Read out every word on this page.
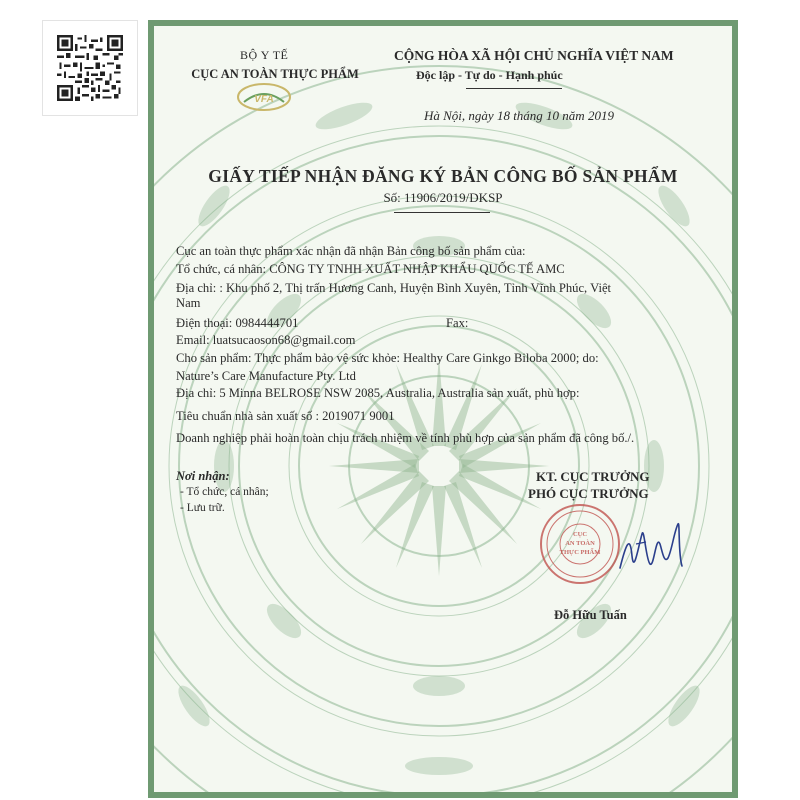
BỘ Y TẾ
CỤC AN TOÀN THỰC PHẨM
VFA
CỘNG HÒA XÃ HỘI CHỦ NGHĨA VIỆT NAM
Độc lập - Tự do - Hạnh phúc
Hà Nội, ngày 18 tháng 10 năm 2019
GIẤY TIẾP NHẬN ĐĂNG KÝ BẢN CÔNG BỐ SẢN PHẨM
Số: 11906/2019/DKSP
Cục an toàn thực phẩm xác nhận đã nhận Bản công bố sản phẩm của:
Tổ chức, cá nhân: CÔNG TY TNHH XUẤT NHẬP KHẨU QUỐC TẾ AMC
Địa chỉ: : Khu phố 2, Thị trấn Hương Canh, Huyện Bình Xuyên, Tỉnh Vĩnh Phúc, Việt
Nam
Điện thoại: 0984444701	Fax:
Email: luatsucaoson68@gmail.com
Cho sản phẩm: Thực phẩm bảo vệ sức khỏe: Healthy Care Ginkgo Biloba 2000; do:
Nature’s Care Manufacture Pty. Ltd
Địa chỉ: 5 Minna BELROSE NSW 2085, Australia, Australia sản xuất, phù hợp:
Tiêu chuẩn nhà sản xuất số : 2019071 9001
Doanh nghiệp phải hoàn toàn chịu trách nhiệm về tính phù hợp của sản phẩm đã công bố./.
Nơi nhận:
- Tổ chức, cá nhân;
- Lưu trữ.
KT. CỤC TRƯỞNG
PHÓ CỤC TRƯỞNG
CỤC
AN TOÀN
THỰC PHẨM
Đỗ Hữu Tuấn
